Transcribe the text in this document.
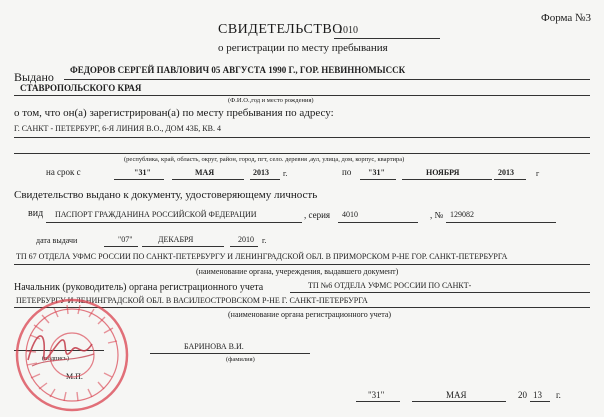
Форма №3
СВИДЕТЕЛЬСТВО
1010
о регистрации по месту пребывания
Выдано ФЕДОРОВ СЕРГЕЙ ПАВЛОВИЧ 05 АВГУСТА 1990 Г., ГОР. НЕВИННОМЫССК
СТАВРОПОЛЬСКОГО КРАЯ
(Ф.И.О.,год и место рождения)
о том, что он(а) зарегистрирован(а) по месту пребывания по адресу:
Г. САНКТ - ПЕТЕРБУРГ, 6-Я ЛИНИЯ В.О., ДОМ 43Б, КВ. 4
на срок с
(республика, край, область, округ, район, город, пгт, село. деревня ,аул, улица, дом, корпус, квартира)
"31"	МАЯ	2013 г.	по "31"	НОЯБРЯ	2013	г
Свидетельство выдано к документу, удостоверяющему личность
вид ПАСПОРТ ГРАЖДАНИНА РОССИЙСКОЙ ФЕДЕРАЦИИ	, серия 4010	, № 129082
дата выдачи	"07"	ДЕКАБРЯ	2010 г.
ТП 67 ОТДЕЛА УФМС РОССИИ ПО САНКТ-ПЕТЕРБУРГУ И ЛЕНИНГРАДСКОЙ ОБЛ. В ПРИМОРСКОМ Р-НЕ ГОР. САНКТ-ПЕТЕРБУРГА
(наименование органа, учереждения, выдавшего документ)
Начальник (руководитель) органа регистрационного учета	ТП №6 ОТДЕЛА УФМС РОССИИ ПО САНКТ-
ПЕТЕРБУРГУ И ЛЕНИНГРАДСКОЙ ОБЛ. В ВАСИЛЕОСТРОВСКОМ Р-НЕ Г. САНКТ-ПЕТЕРБУРГА
(наименование органа регистрационного учета)
(подпись)
БАРИНОВА В.И.
(фамилия)
М.П.
"31"	МАЯ	20 13 г.
